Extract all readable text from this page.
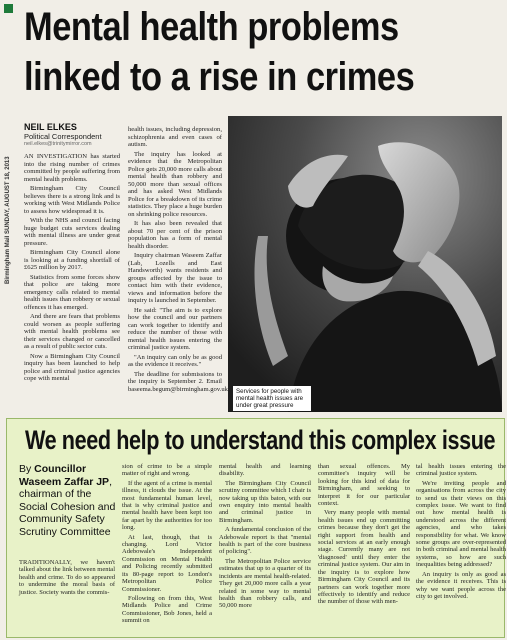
Birmingham Mail SUNDAY, AUGUST 18, 2013
Mental health problems
linked to a rise in crimes
NEIL ELKES
Political Correspondent
neil.elkes@trinitymirror.com

AN INVESTIGATION has started into the rising number of crimes committed by people suffering from mental health problems.

Birmingham City Council believes there is a strong link and is working with West Midlands Police to assess how widespread it is.

With the NHS and council facing huge budget cuts services dealing with mental illness are under great pressure.

Birmingham City Council alone is looking at a funding shortfall of £625 million by 2017.

Statistics from some forces show that police are taking more emergency calls related to mental health issues than robbery or sexual offences it has emerged.

And there are fears that problems could worsen as people suffering with mental health problems see their services changed or cancelled as a result of public sector cuts.

Now a Birmingham City Council inquiry has been launched to help police and criminal justice agencies cope with mental

health issues, including depression, schizophrenia and even cases of autism.

The inquiry has looked at evidence that the Metropolitan Police gets 20,000 more calls about mental health than robbery and 50,000 more than sexual offices and has asked West Midlands Police for a breakdown of its crime statistics. They place a huge burden on shrinking police resources.

It has also been revealed that about 70 per cent of the prison population has a form of mental health disorder.

Inquiry chairman Waseem Zaffar (Lab, Lozells and East Handsworth) wants residents and groups affected by the issue to contact him with their evidence, views and information before the inquiry is launched in September.

He said: "The aim is to explore how the council and our partners can work together to identify and reduce the number of those with mental health issues entering the criminal justice system.

"An inquiry can only be as good as the evidence it receives."

The deadline for submissions to the inquiry is September 2. Email baseema.begum@birmingham.gov.uk	Services for people with mental health issues are under great pressure
We need help to understand this complex issue
By Councillor Waseem Zaffar JP, chairman of the Social Cohesion and Community Safety Scrutiny Committee

TRADITIONALLY, we haven't talked about the link between mental health and crime. To do so appeared to undermine the moral basis of justice. Society wants the commis-

sion of crime to be a simple matter of right and wrong.

If the agent of a crime is mental illness, it clouds the issue. At the most fundamental human level, that is why criminal justice and mental health have been kept too far apart by the authorities for too long.

At last, though, that is changing. Lord Victor Adebowale's Independent Commission on Mental Health and Policing recently submitted its 80-page report to London's Metropolitan Police Commissioner.

Following on from this, West Midlands Police and Crime Commissioner, Bob Jones, held a summit on

mental health and learning disability.

The Birmingham City Council scrutiny committee which I chair is now taking up this baton, with our own enquiry into mental health and criminal justice in Birmingham.

A fundamental conclusion of the Adebowale report is that "mental health is part of the core business of policing".

The Metropolitan Police service estimates that up to a quarter of its incidents are mental health-related. They get 20,000 more calls a year related in some way to mental health than robbery calls, and 50,000 more

than sexual offences. My committee's inquiry will be looking for this kind of data for Birmingham, and seeking to interpret it for our particular context.

Very many people with mental health issues end up committing crimes because they don't get the right support from health and social services at an early enough stage. Currently many are not 'diagnosed' until they enter the criminal justice system. Our aim in the inquiry is to explore how Birmingham City Council and its partners can work together more effectively to identify and reduce the number of those with men-

tal health issues entering the criminal justice system.

We're inviting people and organisations from across the city to send us their views on this complex issue. We want to find out how mental health is understood across the different agencies, and who takes responsibility for what. We know some groups are over-represented in both criminal and mental health systems, so how are such inequalities being addressed?

An inquiry is only as good as the evidence it receives. This is why we want people across the city to get involved.
